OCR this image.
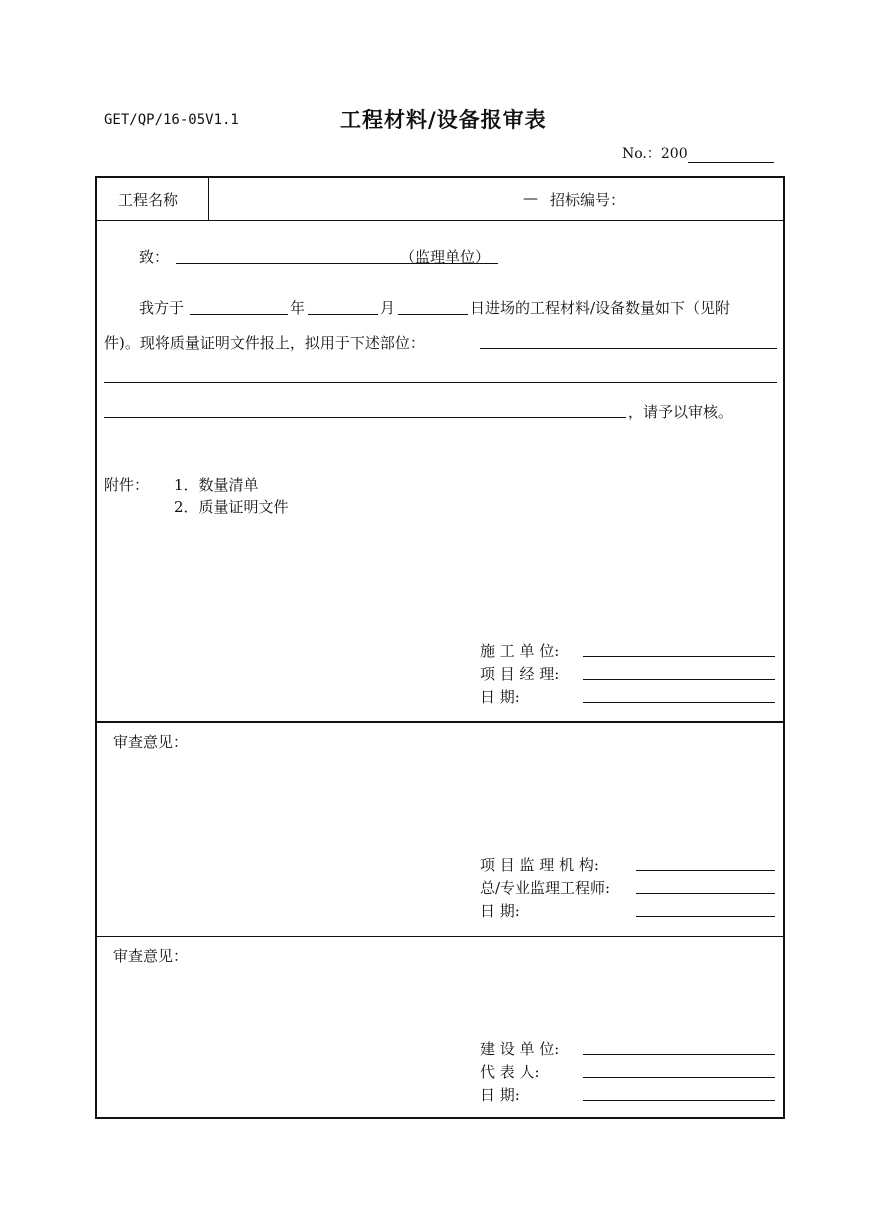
GET/QP/16-05V1.1	工程材料/设备报审表
No.：200
工程名称	— 招标编号：
致：	（监理单位）
我方于	年	月	日进场的工程材料/设备数量如下（见附
件)。现将质量证明文件报上，拟用于下述部位：
，请予以审核。
附件： 1．数量清单
2．质量证明文件
施 工 单 位:
项 目 经 理:
日 期:
审查意见：
项 目 监 理 机 构:
总/专业监理工程师:
日 期:
审查意见：
建 设 单 位:
代 表 人:
日 期:
